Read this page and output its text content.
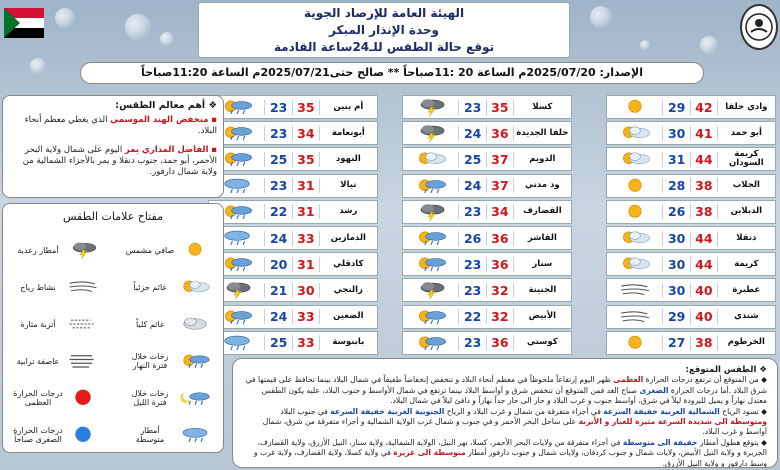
الهيئة العامة للإرصاد الجوية
وحدة الإنذار المبكر
توقع حالة الطقس للـ24ساعة القادمة
الإصدار: 2025/07/20م الساعة 20 :11صباحاً ** صالح حتى2025/07/21م الساعة 11:20صباحاً
وادي حلفا
42
29
أبو حمد
41
30
كريمة السودان
44
31
الجلاب
38
28
الدبلاين
38
26
دنقلا
44
30
كريمة
44
30
عطبرة
40
30
شندي
40
29
الخرطوم
38
27
كسلا
35
23
حلفا الجديدة
36
24
الدويم
37
25
ود مدني
37
24
القضارف
34
23
الفاشر
36
26
سنار
36
23
الجنينة
32
23
الأبيض
32
22
كوستي
36
23
أم بنين
35
23
أبونعامة
34
23
النهود
35
25
نيالا
31
23
رشد
31
22
الدمازين
33
24
كادقلي
31
20
زالنجي
30
21
الضعين
33
24
بابنوسة
33
25
❖ أهم معالم الطقس:
▪ منخفض الهند الموسمي الذي يغطي معظم أنحاء البلاد.
▪ الفاصل المداري يمر اليوم على شمال ولاية البحر الأحمر، أبو حمد، جنوب دنقلا و يمر بالأجزاء الشمالية من ولاية شمال دارفور.
مفتاح علامات الطقس
صافي مشمس
أمطار رعدية
غائم جزئياً
نشاط رياح
غائم كلياً
أتربة مثارة
زخات خلال فترة النهار
عاصفة ترابية
زخات خلال فترة الليل
درجات الحرارة العظمى
أمطار متوسطة
درجات الحرارة الصغرى صباحاً
❖ الطقس المتوقع:
◆ من المتوقع أن ترتفع درجات الحرارة العظمى ظهر اليوم إرتفاعاً ملحوظاً في معظم أنحاء البلاد و تنخفض إنخفاضاً طفيفاً في شمال البلاد بينما تحافظ على قيمتها في شرق البلاد .أما درجات الحرارة الصغرى صباح الغد فمن المتوقع أن تنخفض شرق و أواسط البلاد بينما ترتفع في شمال الأواسط و جنوب البلاد، عليه يكون الطقس معتدل نهاراً و يميل للبرودة ليلاً في شرق، أواسط جنوب و غرب البلاد و حار الى حار جداً نهاراً و دافئ ليلاً في شمال البلاد.
◆ تسود الرياح الشمالية الغربية خفيفة السرعة في أجزاء متفرقة من شمال و غرب البلاد و الرياح الجنوبية الغربية خفيفة السرعة في جنوب البلاد ومتوسطة الى شديدة السرعة مثيرة للغبار و الأتربة على ساحل البحر الأحمر و في جنوب و شمال غرب الولاية الشمالية و أجزاء متفرقة من شرق، شمال أواسط و غرب البلاد.
◆ يتوقع هطول أمطار خفيفة الى متوسطة في أجزاء متفرقة من ولايات البحر الأحمر، كسلا، نهر النيل، الولاية الشمالية، ولاية سنار، النيل الأزرق، ولاية القضارف، الجزيرة و ولاية النيل الأبيض، ولايات شمال و جنوب كردفان، ولايات شمال و جنوب دارفور أمطار متوسطة الى غزيرة في ولاية كسلا، ولاية القضارف، ولاية غرب و وسط دارفور و ولاية النيل الأزرق.
